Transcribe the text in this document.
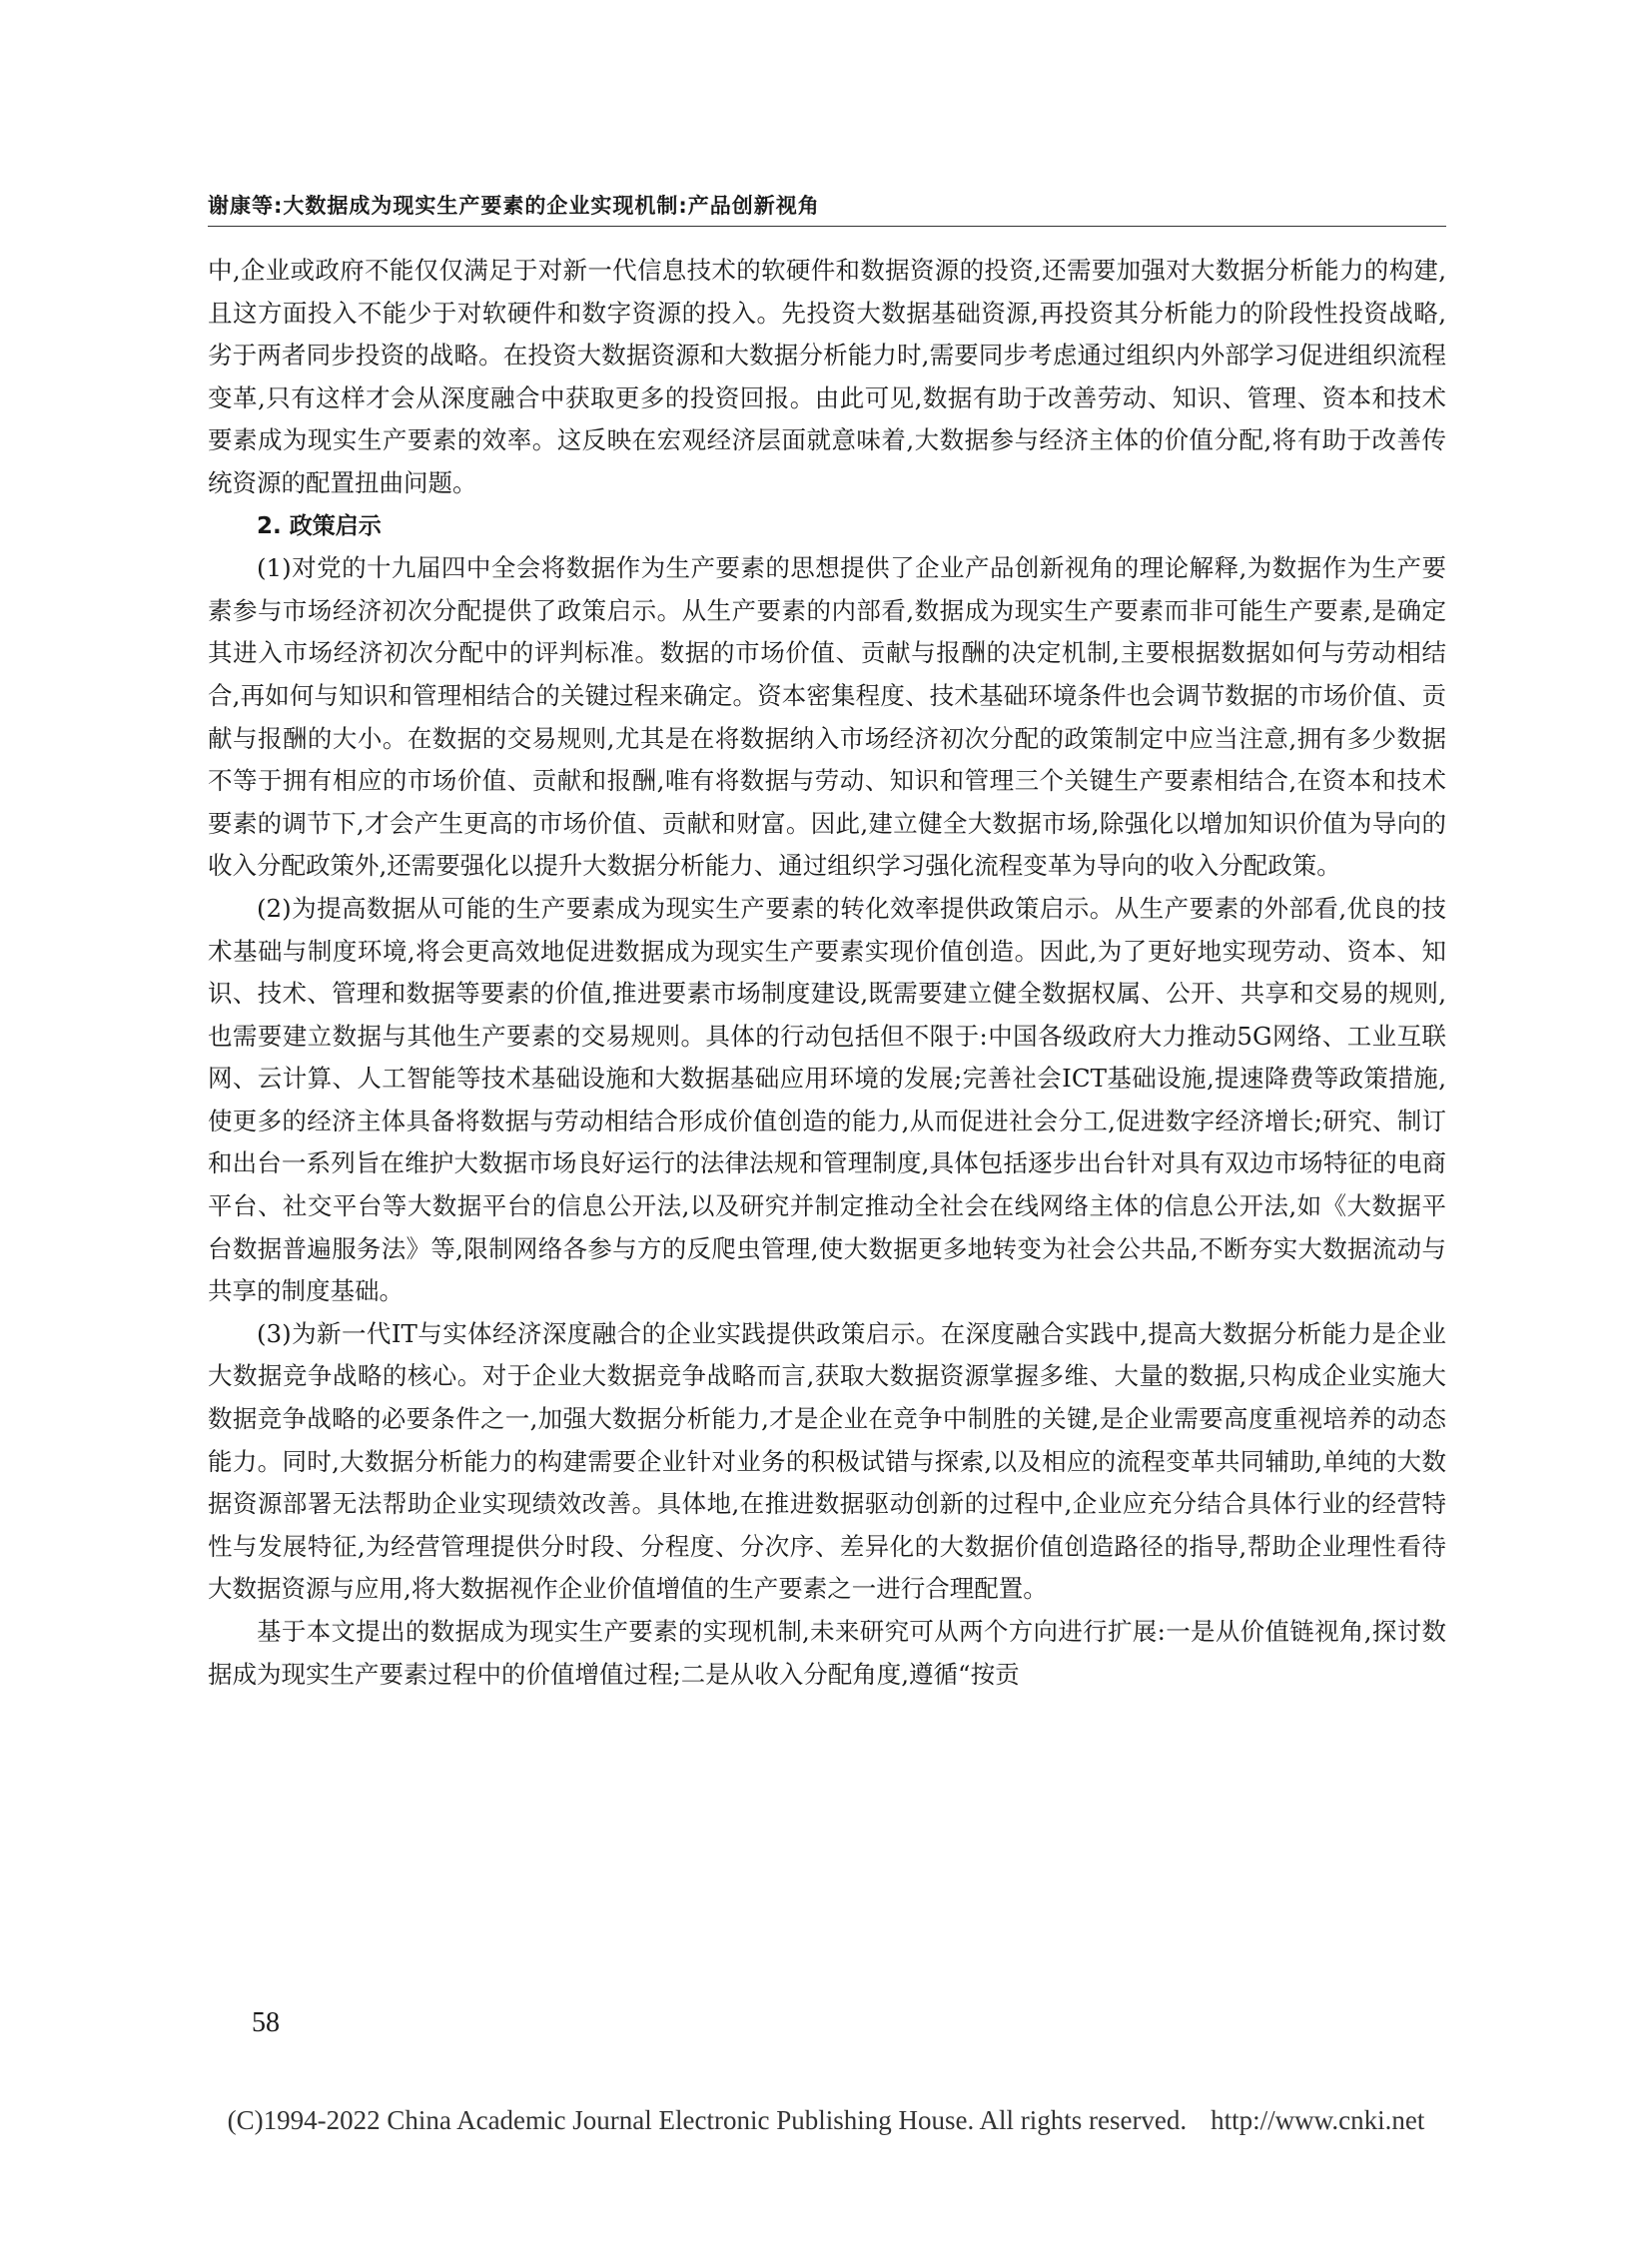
谢康等:大数据成为现实生产要素的企业实现机制:产品创新视角

中,企业或政府不能仅仅满足于对新一代信息技术的软硬件和数据资源的投资,还需要加强对大数据分析能力的构建,且这方面投入不能少于对软硬件和数字资源的投入。先投资大数据基础资源,再投资其分析能力的阶段性投资战略,劣于两者同步投资的战略。在投资大数据资源和大数据分析能力时,需要同步考虑通过组织内外部学习促进组织流程变革,只有这样才会从深度融合中获取更多的投资回报。由此可见,数据有助于改善劳动、知识、管理、资本和技术要素成为现实生产要素的效率。这反映在宏观经济层面就意味着,大数据参与经济主体的价值分配,将有助于改善传统资源的配置扭曲问题。

2. 政策启示

(1)对党的十九届四中全会将数据作为生产要素的思想提供了企业产品创新视角的理论解释,为数据作为生产要素参与市场经济初次分配提供了政策启示。从生产要素的内部看,数据成为现实生产要素而非可能生产要素,是确定其进入市场经济初次分配中的评判标准。数据的市场价值、贡献与报酬的决定机制,主要根据数据如何与劳动相结合,再如何与知识和管理相结合的关键过程来确定。资本密集程度、技术基础环境条件也会调节数据的市场价值、贡献与报酬的大小。在数据的交易规则,尤其是在将数据纳入市场经济初次分配的政策制定中应当注意,拥有多少数据不等于拥有相应的市场价值、贡献和报酬,唯有将数据与劳动、知识和管理三个关键生产要素相结合,在资本和技术要素的调节下,才会产生更高的市场价值、贡献和财富。因此,建立健全大数据市场,除强化以增加知识价值为导向的收入分配政策外,还需要强化以提升大数据分析能力、通过组织学习强化流程变革为导向的收入分配政策。

(2)为提高数据从可能的生产要素成为现实生产要素的转化效率提供政策启示。从生产要素的外部看,优良的技术基础与制度环境,将会更高效地促进数据成为现实生产要素实现价值创造。因此,为了更好地实现劳动、资本、知识、技术、管理和数据等要素的价值,推进要素市场制度建设,既需要建立健全数据权属、公开、共享和交易的规则,也需要建立数据与其他生产要素的交易规则。具体的行动包括但不限于:中国各级政府大力推动5G网络、工业互联网、云计算、人工智能等技术基础设施和大数据基础应用环境的发展;完善社会ICT基础设施,提速降费等政策措施,使更多的经济主体具备将数据与劳动相结合形成价值创造的能力,从而促进社会分工,促进数字经济增长;研究、制订和出台一系列旨在维护大数据市场良好运行的法律法规和管理制度,具体包括逐步出台针对具有双边市场特征的电商平台、社交平台等大数据平台的信息公开法,以及研究并制定推动全社会在线网络主体的信息公开法,如《大数据平台数据普遍服务法》等,限制网络各参与方的反爬虫管理,使大数据更多地转变为社会公共品,不断夯实大数据流动与共享的制度基础。

(3)为新一代IT与实体经济深度融合的企业实践提供政策启示。在深度融合实践中,提高大数据分析能力是企业大数据竞争战略的核心。对于企业大数据竞争战略而言,获取大数据资源掌握多维、大量的数据,只构成企业实施大数据竞争战略的必要条件之一,加强大数据分析能力,才是企业在竞争中制胜的关键,是企业需要高度重视培养的动态能力。同时,大数据分析能力的构建需要企业针对业务的积极试错与探索,以及相应的流程变革共同辅助,单纯的大数据资源部署无法帮助企业实现绩效改善。具体地,在推进数据驱动创新的过程中,企业应充分结合具体行业的经营特性与发展特征,为经营管理提供分时段、分程度、分次序、差异化的大数据价值创造路径的指导,帮助企业理性看待大数据资源与应用,将大数据视作企业价值增值的生产要素之一进行合理配置。

基于本文提出的数据成为现实生产要素的实现机制,未来研究可从两个方向进行扩展:一是从价值链视角,探讨数据成为现实生产要素过程中的价值增值过程;二是从收入分配角度,遵循“按贡

58
(C)1994-2022 China Academic Journal Electronic Publishing House. All rights reserved. http://www.cnki.net
